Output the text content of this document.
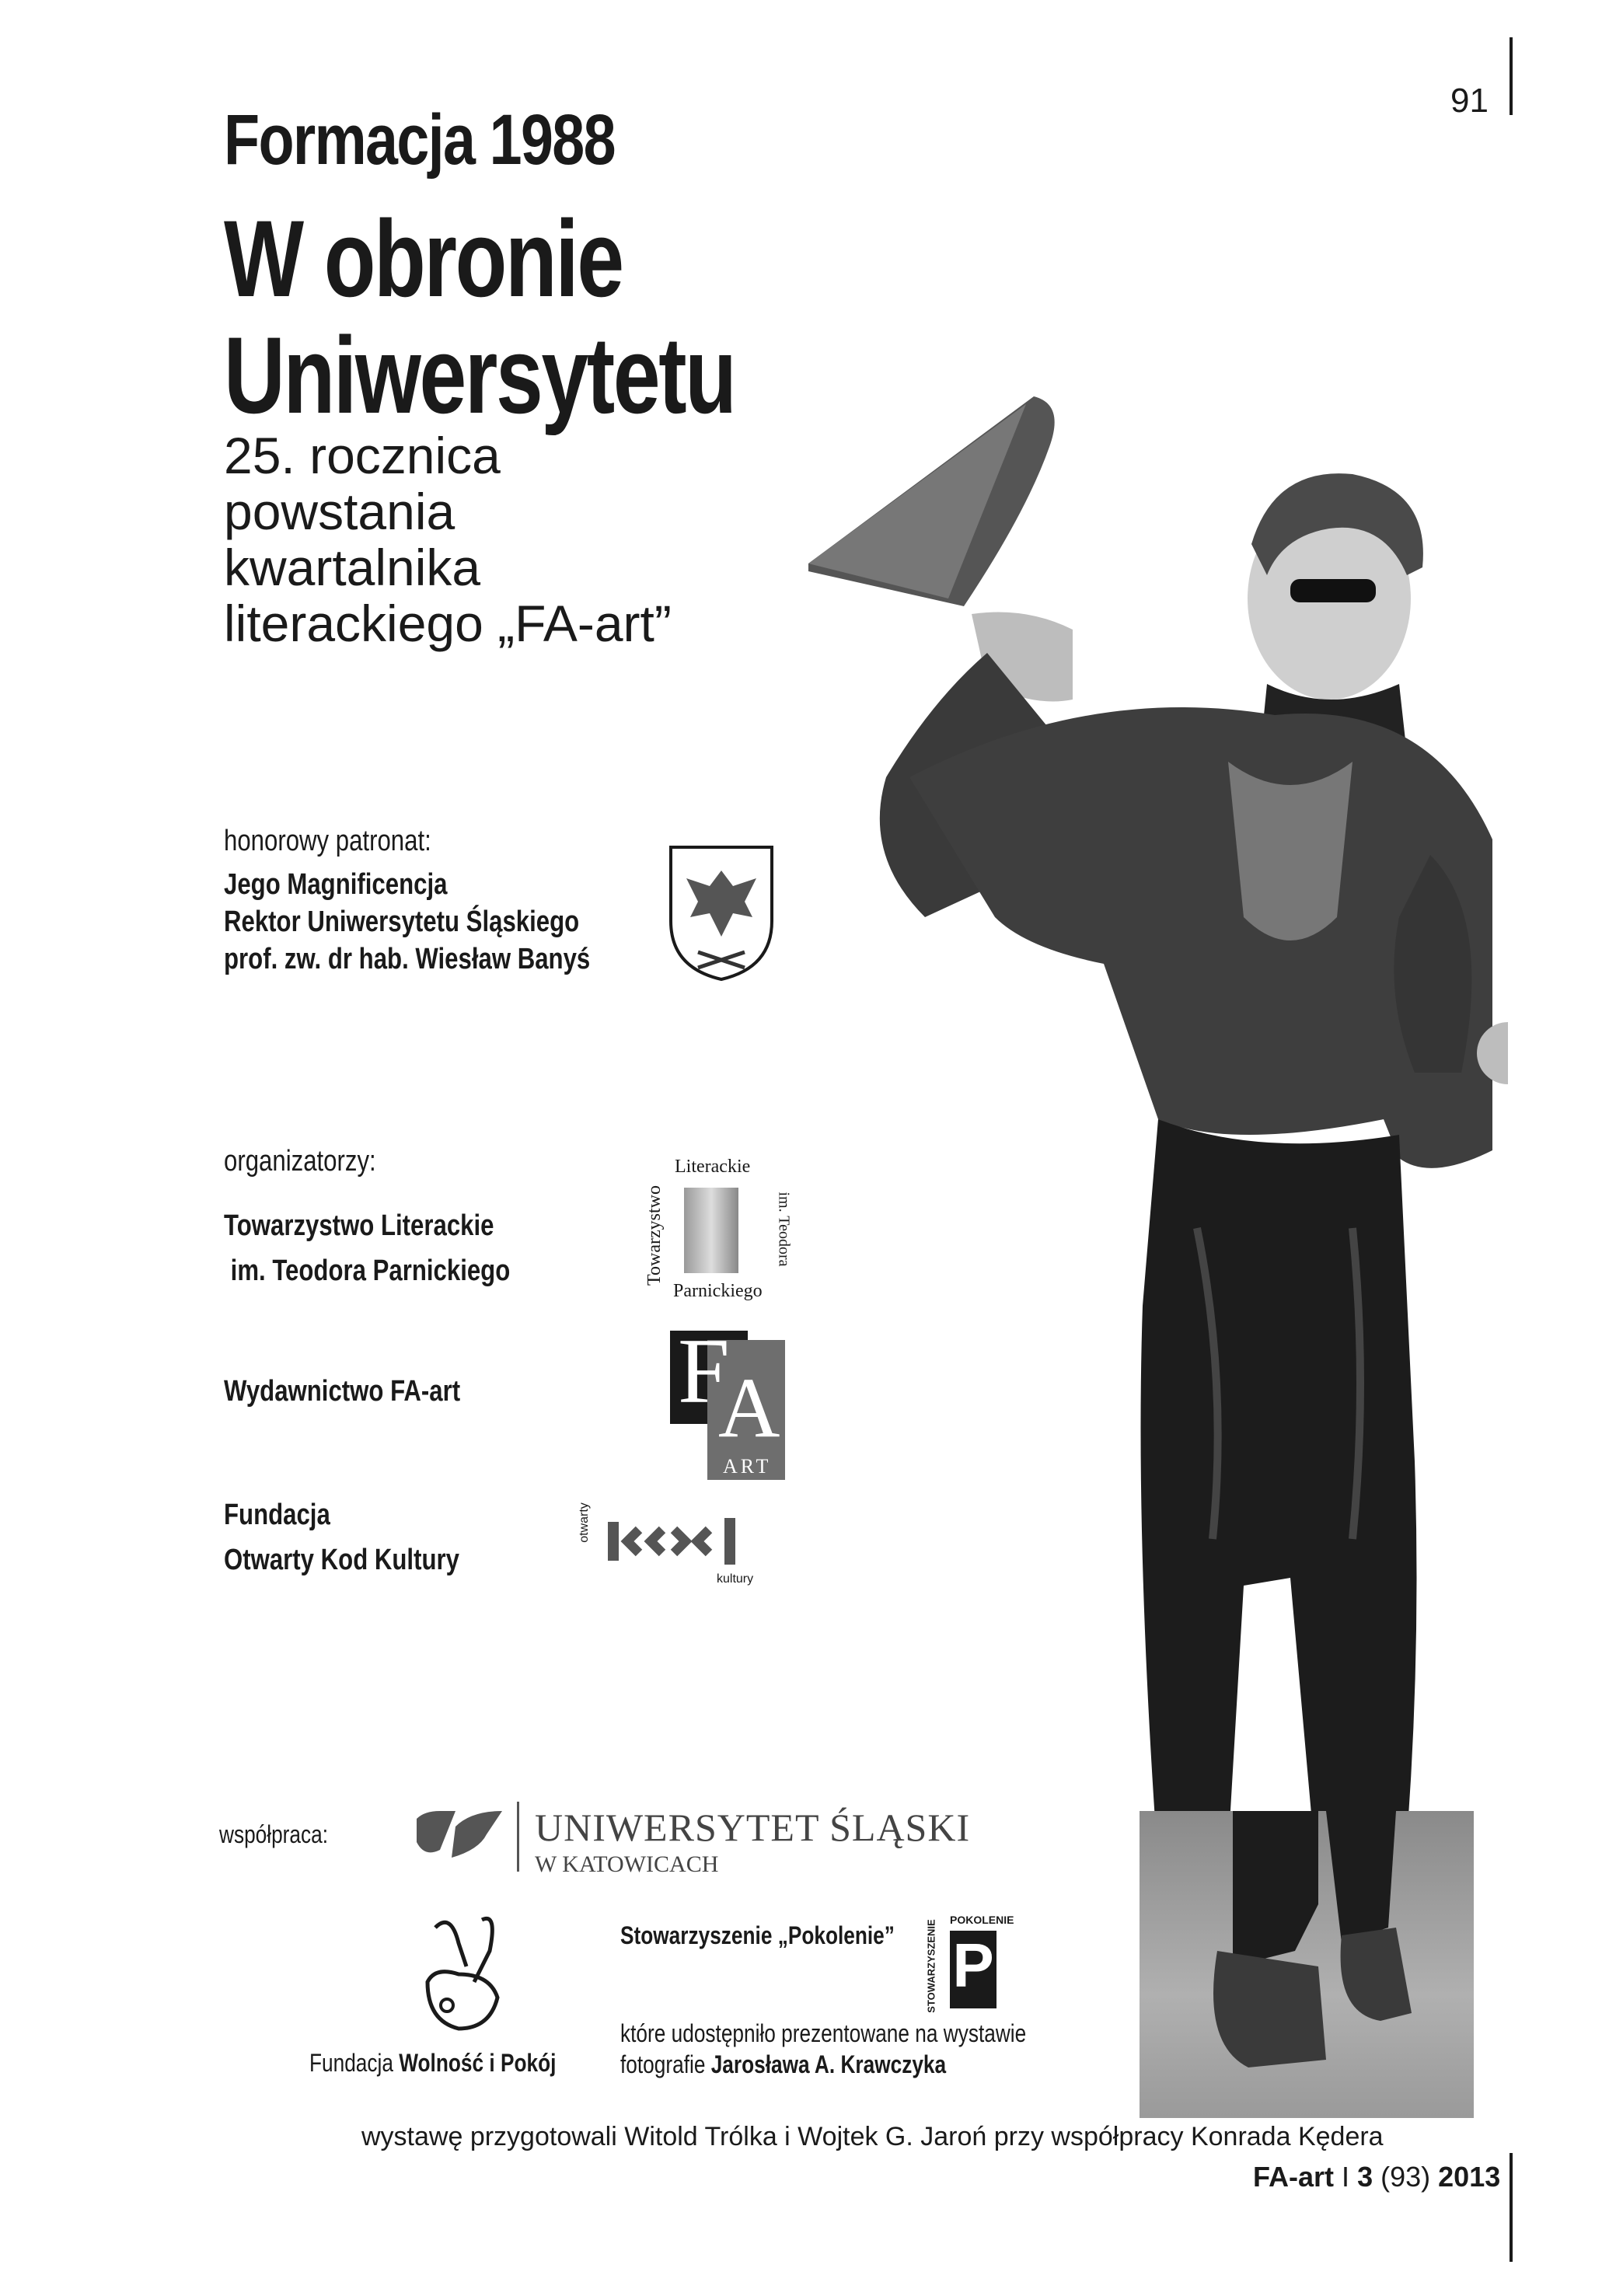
91
Formacja 1988
W obronie
Uniwersytetu
25. rocznica
powstania
kwartalnika
literackiego „FA-art”
honorowy patronat:
Jego Magnificencja
Rektor Uniwersytetu Śląskiego
prof. zw. dr hab. Wiesław Banyś
organizatorzy:
Towarzystwo Literackie
im. Teodora Parnickiego
Literackie
Towarzystwo	im. Teodora
Parnickiego
Wydawnictwo FA-art F
A
ART
Fundacja
Otwarty Kod Kultury
otwarty
kultury
współpraca:	UNIWERSYTET ŚLĄSKI
W KATOWICACH
Fundacja Wolność i Pokój
Stowarzyszenie „Pokolenie”
POKOLENIE
STOWARZYSZENIE P
które udostępniło prezentowane na wystawie
fotografie Jarosława A. Krawczyka
wystawę przygotowali Witold Trólka i Wojtek G. Jaroń przy współpracy Konrada Kędera
FA-art I 3 (93) 2013
